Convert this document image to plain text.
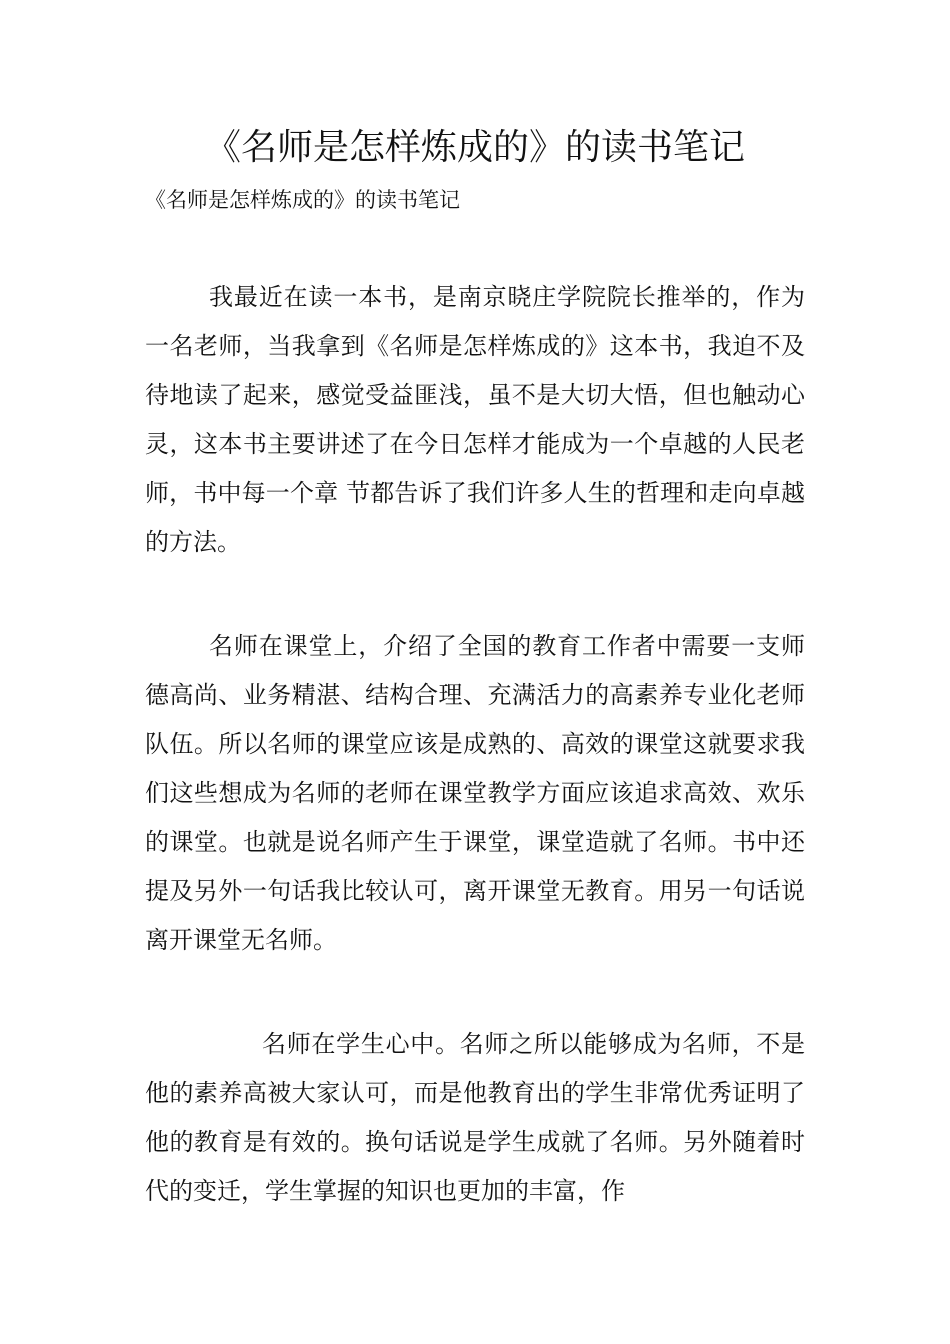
《名师是怎样炼成的》的读书笔记
《名师是怎样炼成的》的读书笔记

我最近在读一本书，是南京晓庄学院院长推举的，作为一名老师，当我拿到《名师是怎样炼成的》这本书，我迫不及待地读了起来，感觉受益匪浅，虽不是大切大悟，但也触动心灵，这本书主要讲述了在今日怎样才能成为一个卓越的人民老师，书中每一个章 节都告诉了我们许多人生的哲理和走向卓越的方法。

名师在课堂上，介绍了全国的教育工作者中需要一支师德高尚、业务精湛、结构合理、充满活力的高素养专业化老师队伍。所以名师的课堂应该是成熟的、高效的课堂这就要求我们这些想成为名师的老师在课堂教学方面应该追求高效、欢乐的课堂。也就是说名师产生于课堂，课堂造就了名师。书中还提及另外一句话我比较认可，离开课堂无教育。用另一句话说离开课堂无名师。

名师在学生心中。名师之所以能够成为名师，不是他的素养高被大家认可，而是他教育出的学生非常优秀证明了他的教育是有效的。换句话说是学生成就了名师。另外随着时代的变迁，学生掌握的知识也更加的丰富，作
